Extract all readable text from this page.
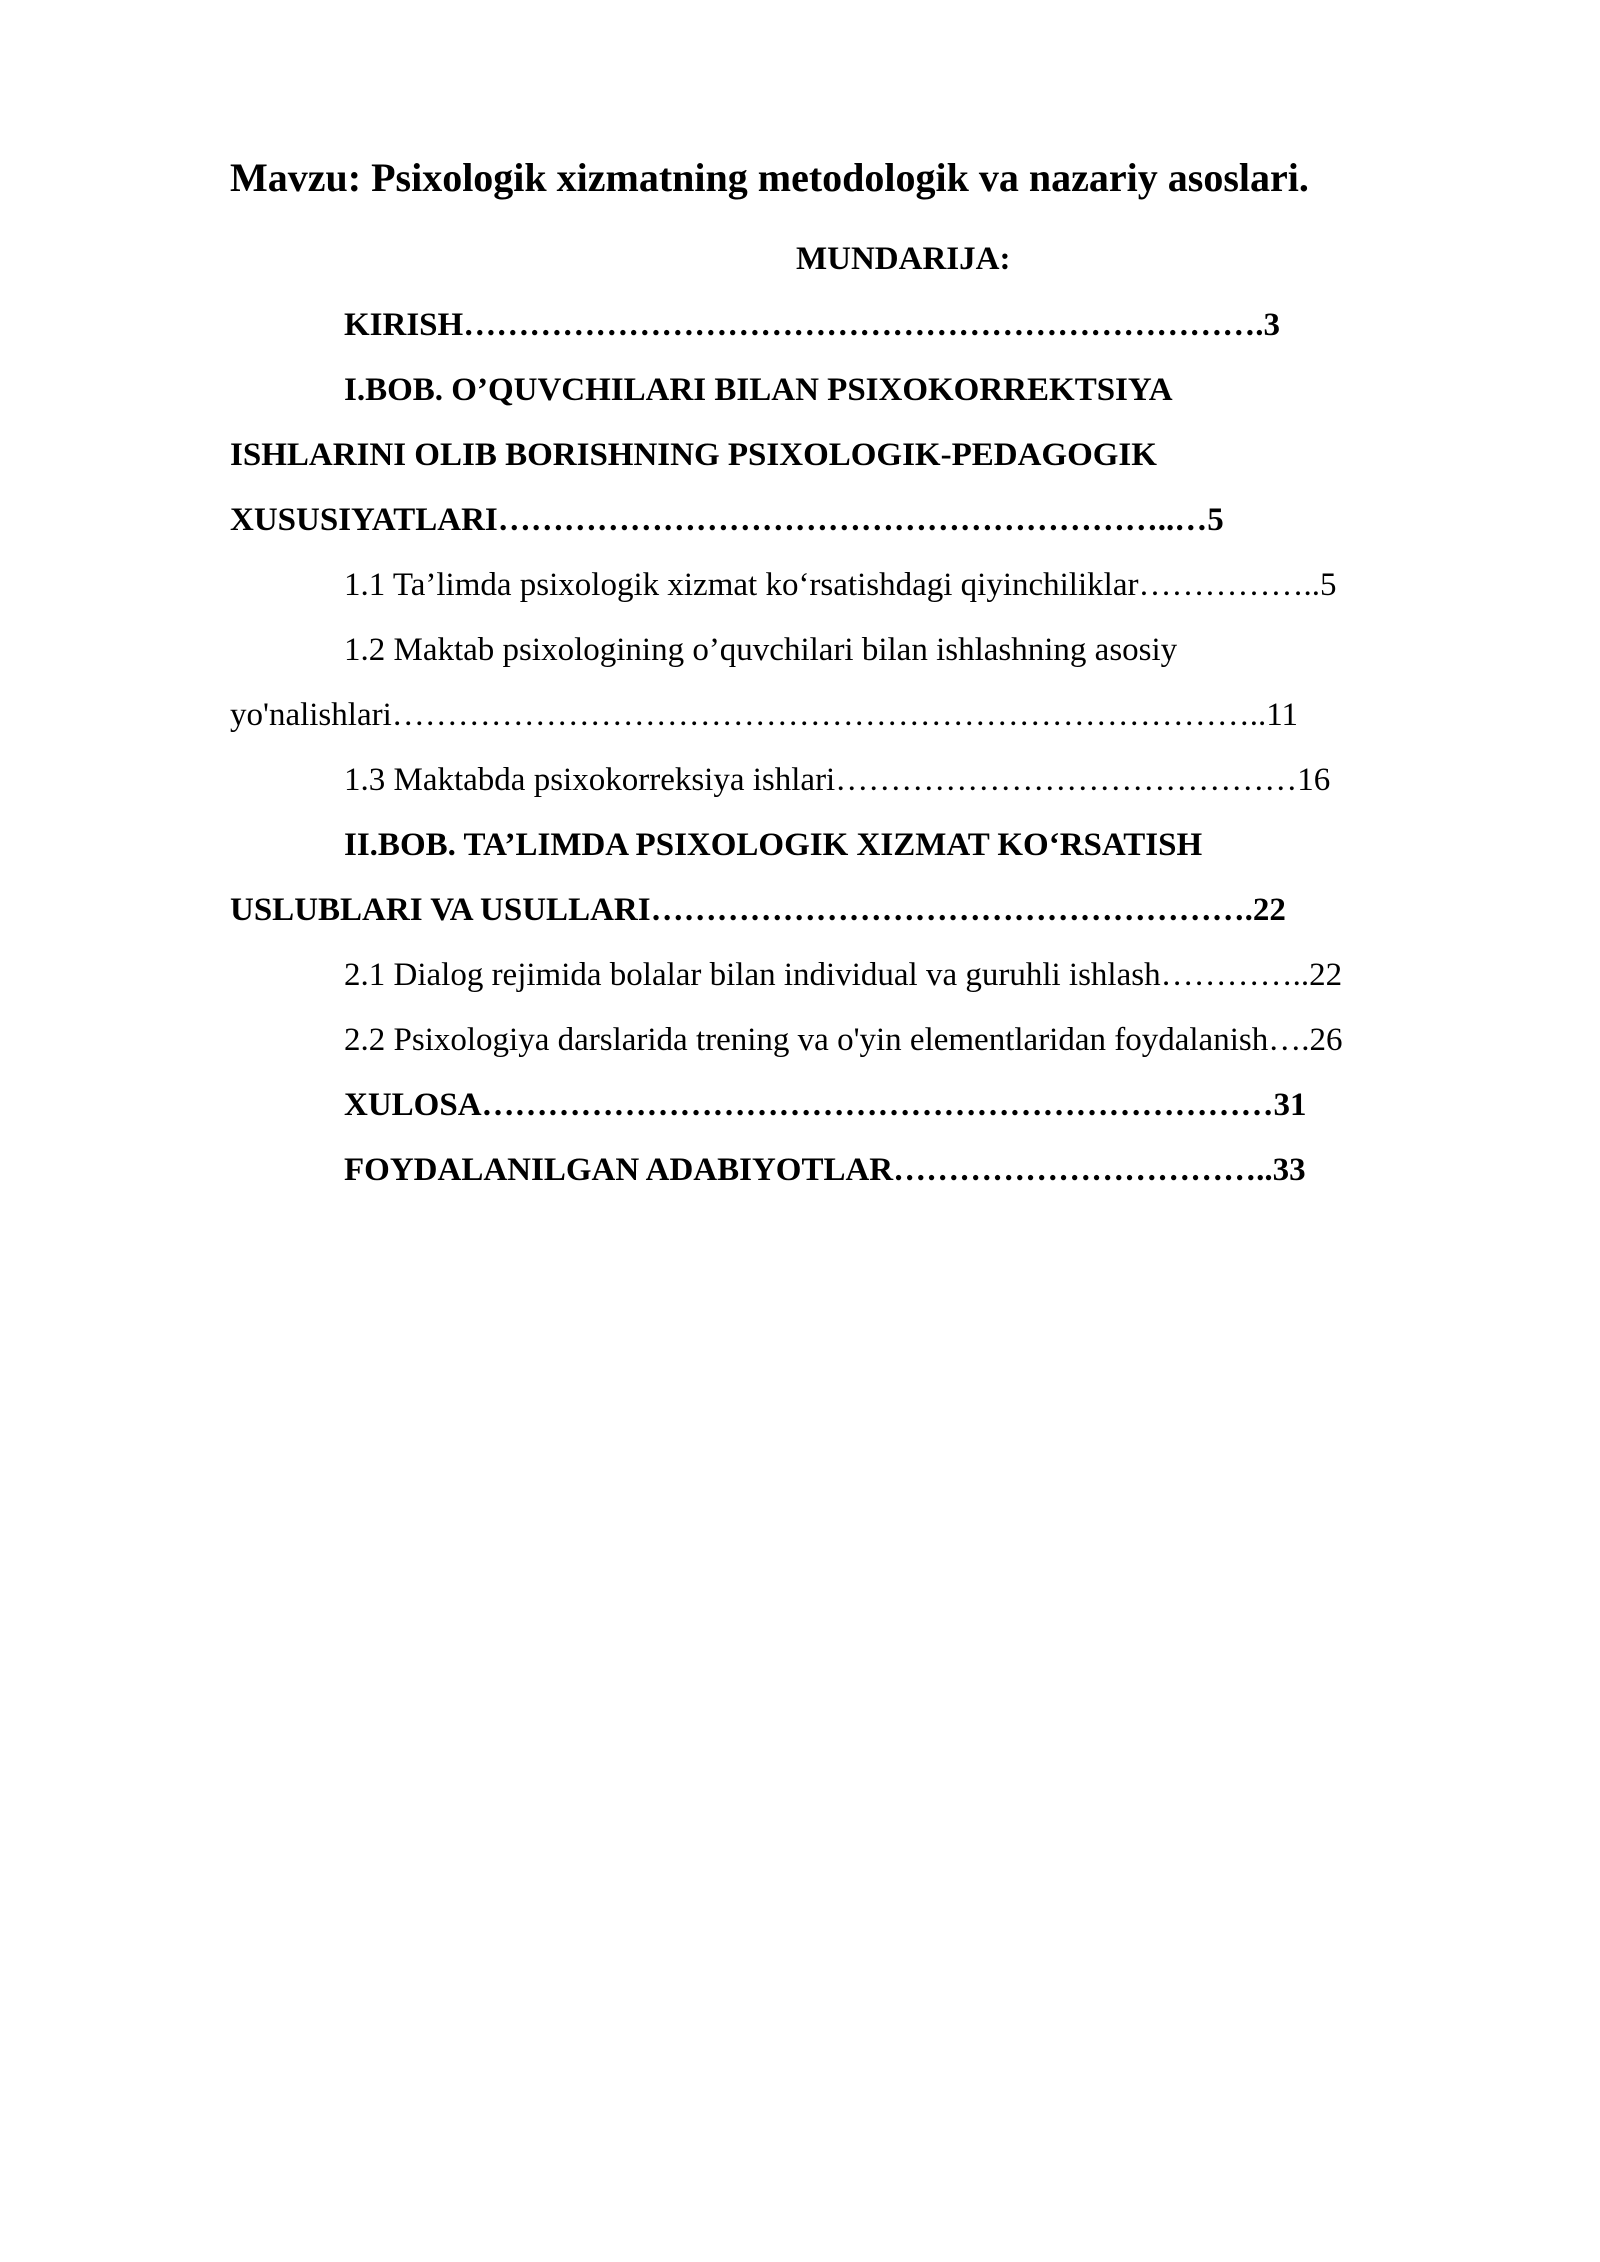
Mavzu: Psixologik xizmatning metodologik va nazariy asoslari.
MUNDARIJA:
KIRISH……………………………………………………………….3
I.BOB. O’QUVCHILARI BILAN PSIXOKORREKTSIYA
ISHLARINI OLIB BORISHNING PSIXOLOGIK-PEDAGOGIK
XUSUSIYATLARI……………………………………………………..…5
1.1 Ta’limda psixologik xizmat koʻrsatishdagi qiyinchiliklar……………..5
1.2 Maktab psixologining o’quvchilari bilan ishlashning asosiy
yo'nalishlari……………………………………………………………………..11
1.3 Maktabda psixokorreksiya ishlari……………………………………16
II.BOB. TA’LIMDA PSIXOLOGIK XIZMAT KOʻRSATISH
USLUBLARI VA USULLARI……………………………………………….22
2.1 Dialog rejimida bolalar bilan individual va guruhli ishlash…………..22
2.2 Psixologiya darslarida trening va o'yin elementlaridan foydalanish….26
XULOSA………………………………………………………………31
FOYDALANILGAN ADABIYOTLAR……………………………..33
